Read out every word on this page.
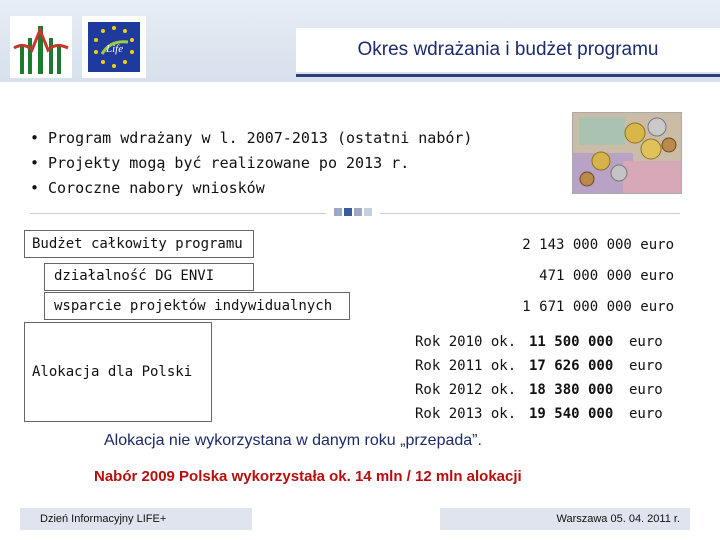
Life	Okres wdrażania i budżet programu
• Program wdrażany w l. 2007-2013 (ostatni nabór)
• Projekty mogą być realizowane po 2013 r.
• Coroczne nabory wniosków
Budżet całkowity programu	2 143 000 000 euro
działalność DG ENVI	471 000 000 euro
wsparcie projektów indywidualnych	1 671 000 000 euro
Alokacja dla Polski
Rok 2010 ok. 11 500 000	euro
Rok 2011 ok. 17 626 000	euro
Rok 2012 ok. 18 380 000	euro
Rok 2013 ok. 19 540 000	euro
Alokacja nie wykorzystana w danym roku „przepada”.
Nabór 2009 Polska wykorzystała ok. 14 mln / 12 mln alokacji
Dzień Informacyjny LIFE+	Warszawa 05. 04. 2011 r.
